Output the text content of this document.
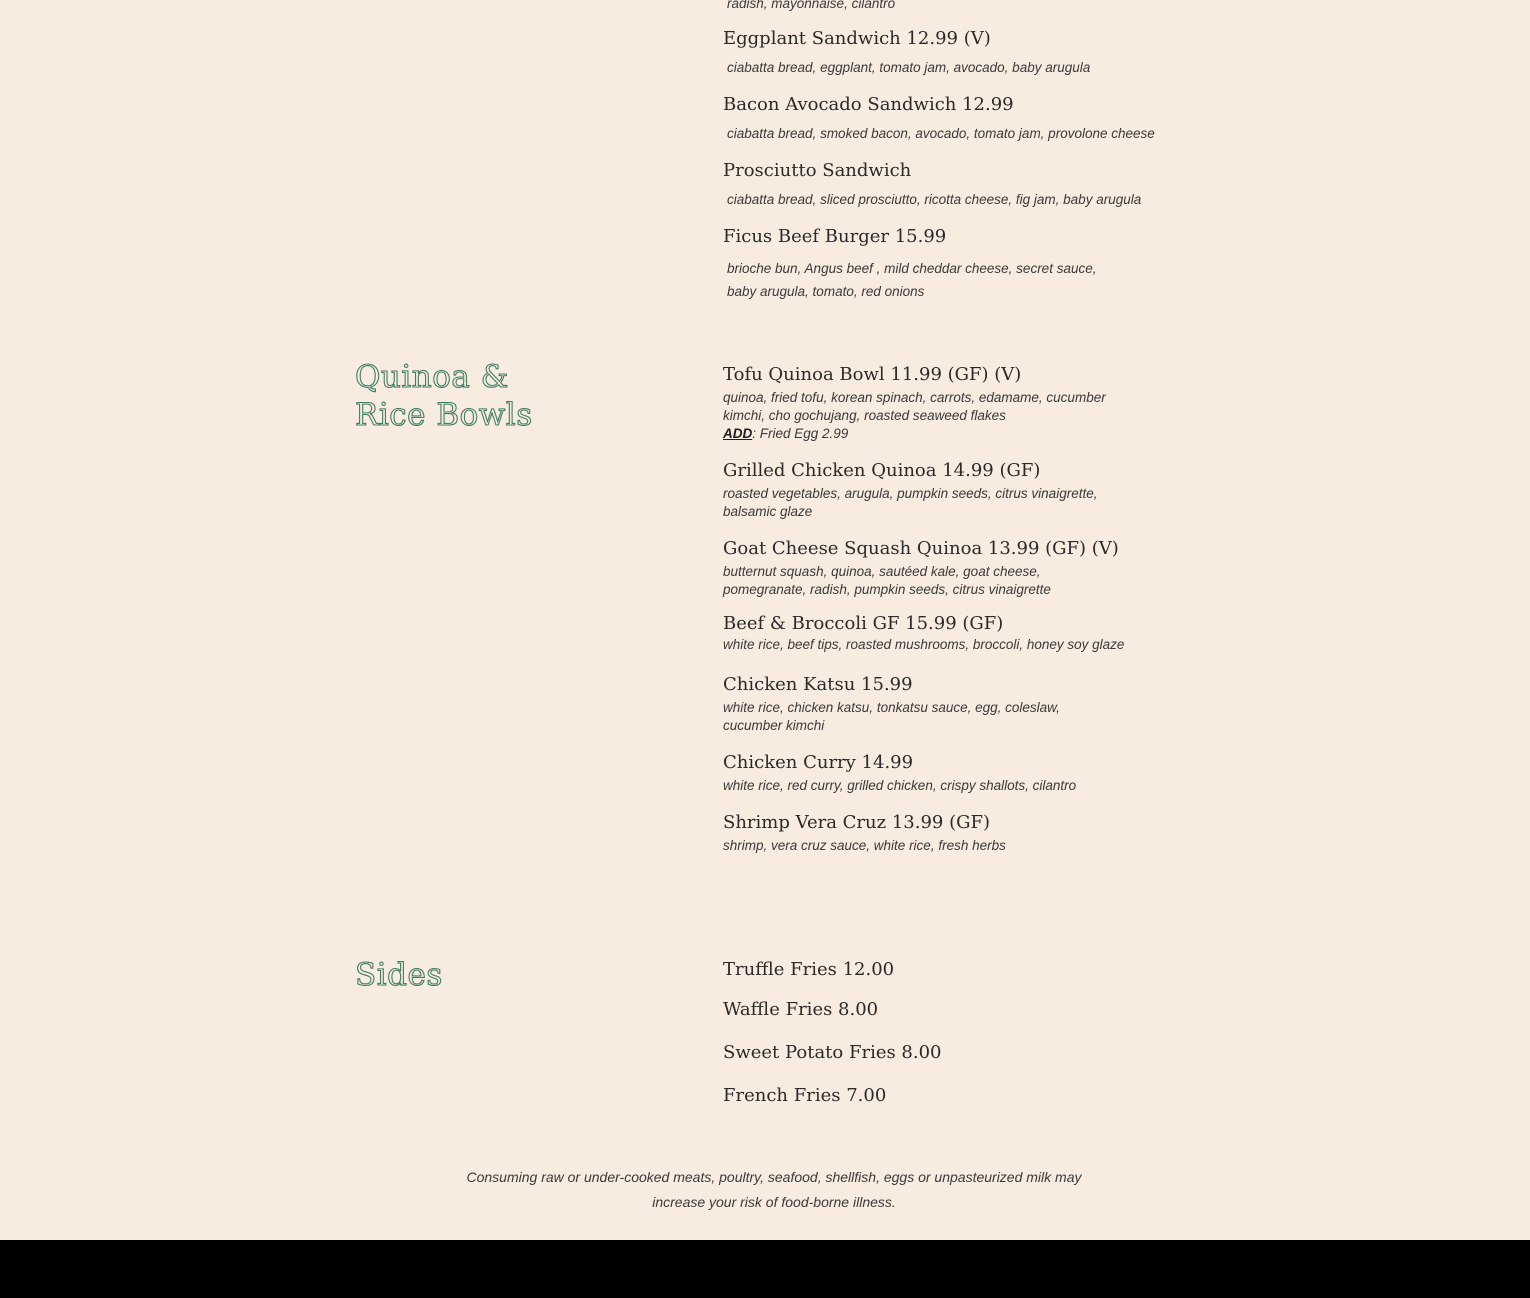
radish, mayonnaise, cilantro
Eggplant Sandwich 12.99 (V)
ciabatta bread, eggplant, tomato jam, avocado, baby arugula
Bacon Avocado Sandwich 12.99
ciabatta bread, smoked bacon, avocado, tomato jam, provolone cheese
Prosciutto Sandwich
ciabatta bread, sliced prosciutto, ricotta cheese, fig jam, baby arugula
Ficus Beef Burger 15.99
brioche bun, Angus beef , mild cheddar cheese, secret sauce, baby arugula, tomato, red onions
Quinoa &
Rice Bowls
Tofu Quinoa Bowl 11.99 (GF) (V)
quinoa, fried tofu, korean spinach, carrots, edamame, cucumber kimchi, cho gochujang, roasted seaweed flakes
ADD: Fried Egg 2.99
Grilled Chicken Quinoa 14.99 (GF)
roasted vegetables, arugula, pumpkin seeds, citrus vinaigrette, balsamic glaze
Goat Cheese Squash Quinoa 13.99 (GF) (V)
butternut squash, quinoa, sautéed kale, goat cheese, pomegranate, radish, pumpkin seeds, citrus vinaigrette
Beef & Broccoli GF 15.99 (GF)
white rice, beef tips, roasted mushrooms, broccoli, honey soy glaze
Chicken Katsu 15.99
white rice, chicken katsu, tonkatsu sauce, egg, coleslaw, cucumber kimchi
Chicken Curry 14.99
white rice, red curry, grilled chicken, crispy shallots, cilantro
Shrimp Vera Cruz 13.99 (GF)
shrimp, vera cruz sauce, white rice, fresh herbs
Sides	Truffle Fries 12.00
Waffle Fries 8.00
Sweet Potato Fries 8.00
French Fries 7.00
Consuming raw or under-cooked meats, poultry, seafood, shellfish, eggs or unpasteurized milk may
increase your risk of food-borne illness.
